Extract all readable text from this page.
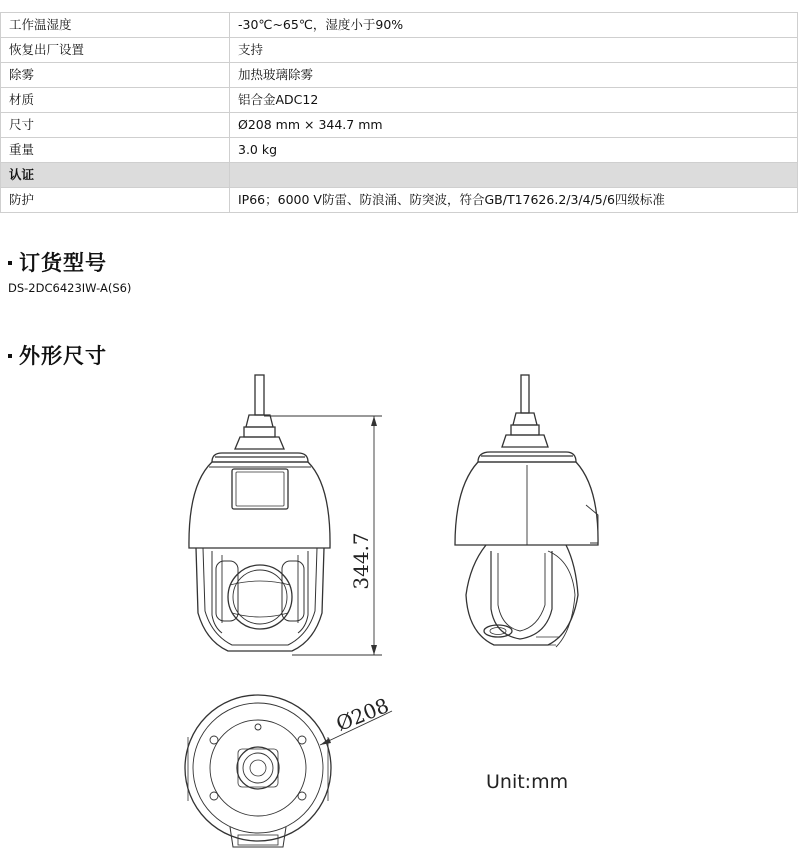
工作温湿度	-30℃~65℃，湿度小于90%
恢复出厂设置	支持
除雾	加热玻璃除雾
材质	铝合金ADC12
尺寸	Ø208 mm × 344.7 mm
重量	3.0 kg
认证	
防护	IP66；6000 V防雷、防浪涌、防突波，符合GB/T17626.2/3/4/5/6四级标准
订货型号
DS-2DC6423IW-A(S6)
外形尺寸
344.7
Ø208
Unit:mm
